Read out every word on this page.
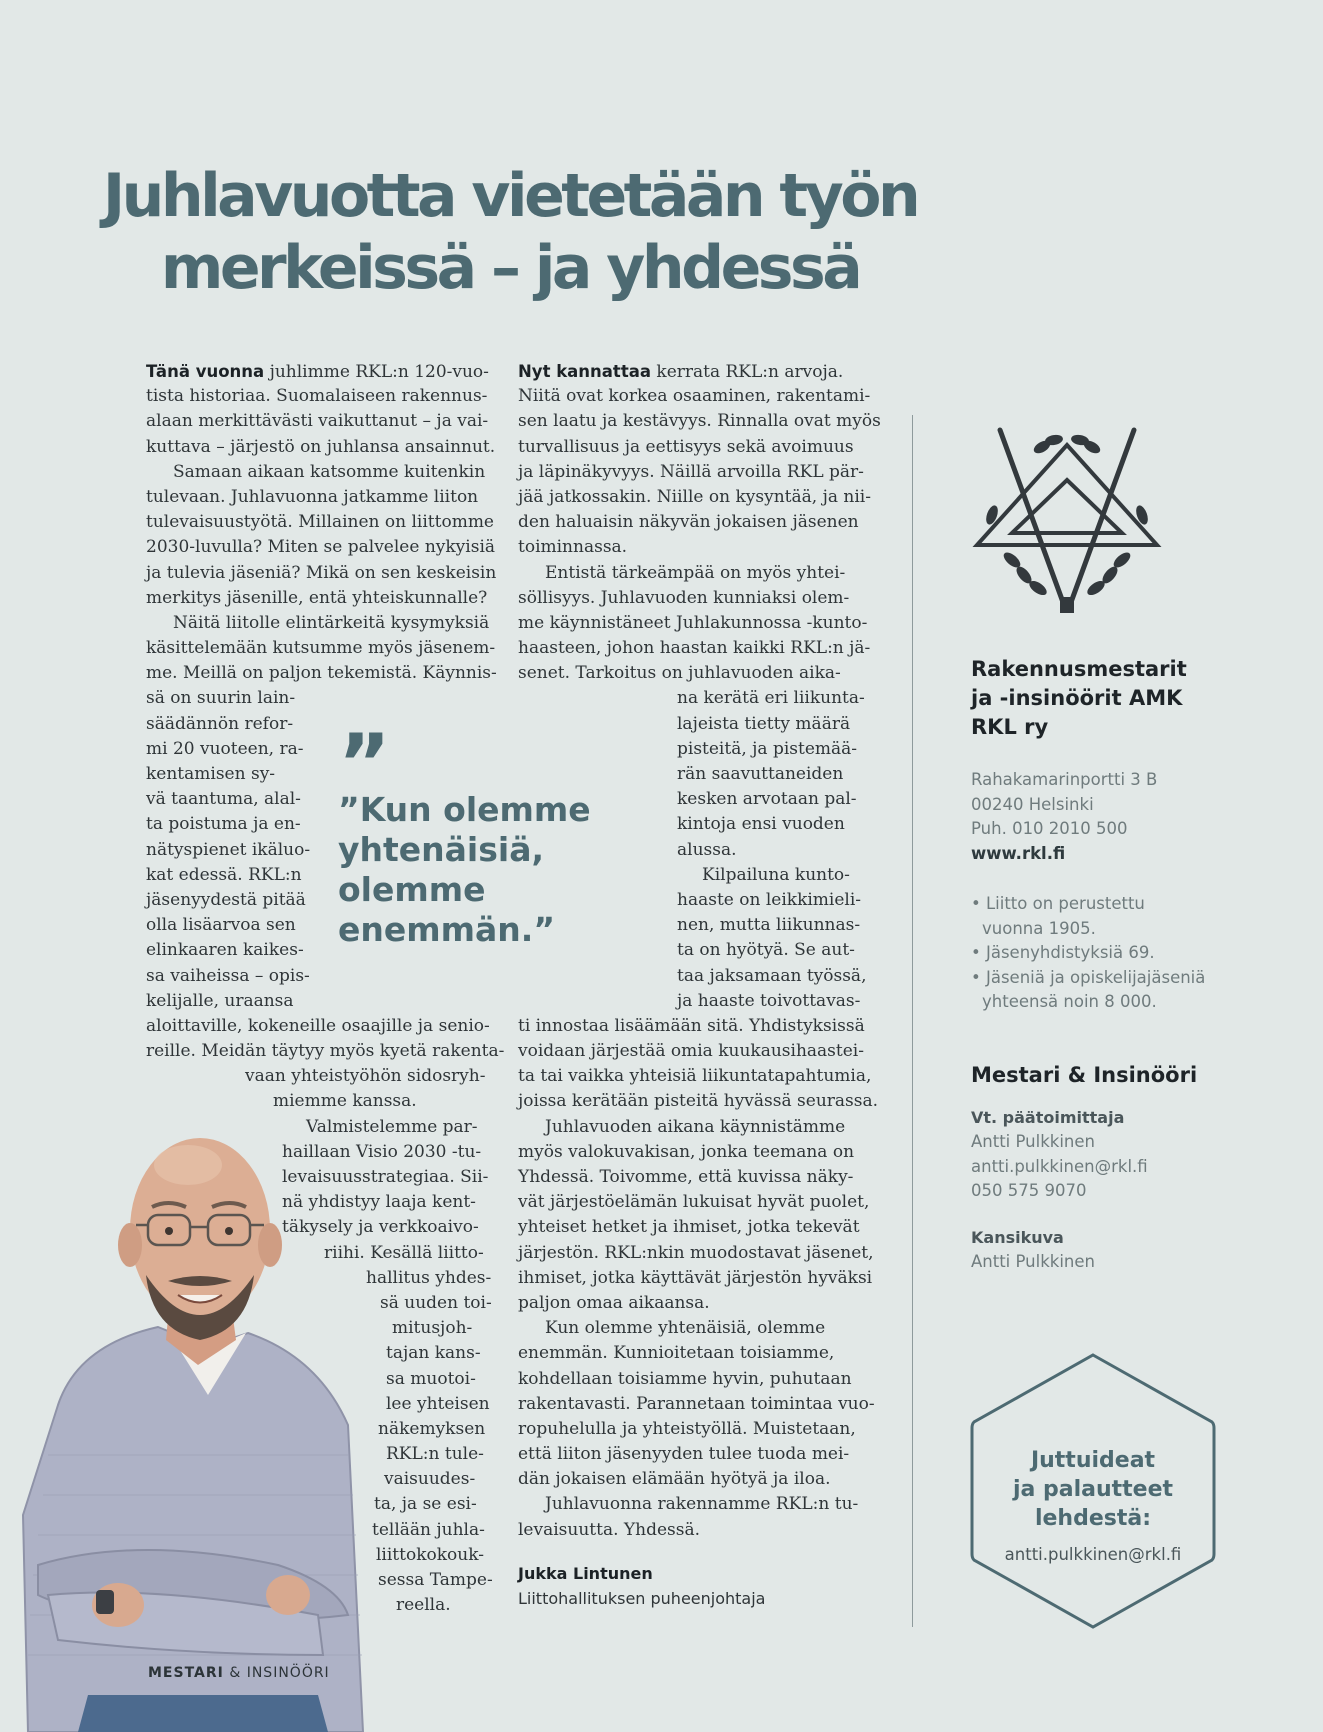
Juhlavuotta vietetään työn
merkeissä – ja yhdessä
Tänä vuonna juhlimme RKL:n 120-vuo-
tista historiaa. Suomalaiseen rakennus-
alaan merkittävästi vaikuttanut – ja vai-
kuttava – järjestö on juhlansa ansainnut.
Samaan aikaan katsomme kuitenkin
tulevaan. Juhlavuonna jatkamme liiton
tulevaisuustyötä. Millainen on liittomme
2030-luvulla? Miten se palvelee nykyisiä
ja tulevia jäseniä? Mikä on sen keskeisin
merkitys jäsenille, entä yhteiskunnalle?
Näitä liitolle elintärkeitä kysymyksiä
käsittelemään kutsumme myös jäsenem-
me. Meillä on paljon tekemistä. Käynnis-
sä on suurin lain-
säädännön refor-
mi 20 vuoteen, ra-
kentamisen sy-
vä taantuma, alal-
ta poistuma ja en-
nätyspienet ikäluo-
kat edessä. RKL:n
jäsenyydestä pitää
olla lisäarvoa sen
elinkaaren kaikes-
sa vaiheissa – opis-
kelijalle, uraansa
aloittaville, kokeneille osaajille ja senio-
reille. Meidän täytyy myös kyetä rakenta-
vaan yhteistyöhön sidosryh-
miemme kanssa.
Valmistelemme par-
haillaan Visio 2030 -tu-
levaisuusstrategiaa. Sii-
nä yhdistyy laaja kent-
täkysely ja verkkoaivo-
riihi. Kesällä liitto-
hallitus yhdes-
sä uuden toi-
mitusjoh-
tajan kans-
sa muotoi-
lee yhteisen
näkemyksen
RKL:n tule-
vaisuudes-
ta, ja se esi-
tellään juhla-
liittokokouk-
sessa Tampe-
reella.
Nyt kannattaa kerrata RKL:n arvoja.
Niitä ovat korkea osaaminen, rakentami-
sen laatu ja kestävyys. Rinnalla ovat myös
turvallisuus ja eettisyys sekä avoimuus
ja läpinäkyvyys. Näillä arvoilla RKL pär-
jää jatkossakin. Niille on kysyntää, ja nii-
den haluaisin näkyvän jokaisen jäsenen
toiminnassa.
Entistä tärkeämpää on myös yhtei-
söllisyys. Juhlavuoden kunniaksi olem-
me käynnistäneet Juhlakunnossa -kunto-
haasteen, johon haastan kaikki RKL:n jä-
senet. Tarkoitus on juhlavuoden aika-
na kerätä eri liikunta-
lajeista tietty määrä
pisteitä, ja pistemää-
rän saavuttaneiden
kesken arvotaan pal-
kintoja ensi vuoden
alussa.
Kilpailuna kunto-
haaste on leikkimieli-
nen, mutta liikunnas-
ta on hyötyä. Se aut-
taa jaksamaan työssä,
ja haaste toivottavas-
ti innostaa lisäämään sitä. Yhdistyksissä
voidaan järjestää omia kuukausihaastei-
ta tai vaikka yhteisiä liikuntatapahtumia,
joissa kerätään pisteitä hyvässä seurassa.
Juhlavuoden aikana käynnistämme
myös valokuvakisan, jonka teemana on
Yhdessä. Toivomme, että kuvissa näky-
vät järjestöelämän lukuisat hyvät puolet,
yhteiset hetket ja ihmiset, jotka tekevät
järjestön. RKL:nkin muodostavat jäsenet,
ihmiset, jotka käyttävät järjestön hyväksi
paljon omaa aikaansa.
Kun olemme yhtenäisiä, olemme
enemmän. Kunnioitetaan toisiamme,
kohdellaan toisiamme hyvin, puhutaan
rakentavasti. Parannetaan toimintaa vuo-
ropuhelulla ja yhteistyöllä. Muistetaan,
että liiton jäsenyyden tulee tuoda mei-
dän jokaisen elämään hyötyä ja iloa.
Juhlavuonna rakennamme RKL:n tu-
levaisuutta. Yhdessä.
Jukka Lintunen
Liittohallituksen puheenjohtaja
”
”Kun olemme
yhtenäisiä,
olemme
enemmän.”
MESTARI & INSINÖÖRI
Rakennusmestarit
ja -insinöörit AMK
RKL ry
Rahakamarinportti 3 B
00240 Helsinki
Puh. 010 2010 500
www.rkl.fi
• Liitto on perustettu
vuonna 1905.
• Jäsenyhdistyksiä 69.
• Jäseniä ja opiskelijajäseniä
yhteensä noin 8 000.
Mestari & Insinööri
Vt. päätoimittaja
Antti Pulkkinen
antti.pulkkinen@rkl.fi
050 575 9070
Kansikuva
Antti Pulkkinen
Juttuideat
ja palautteet
lehdestä:
antti.pulkkinen@rkl.fi
